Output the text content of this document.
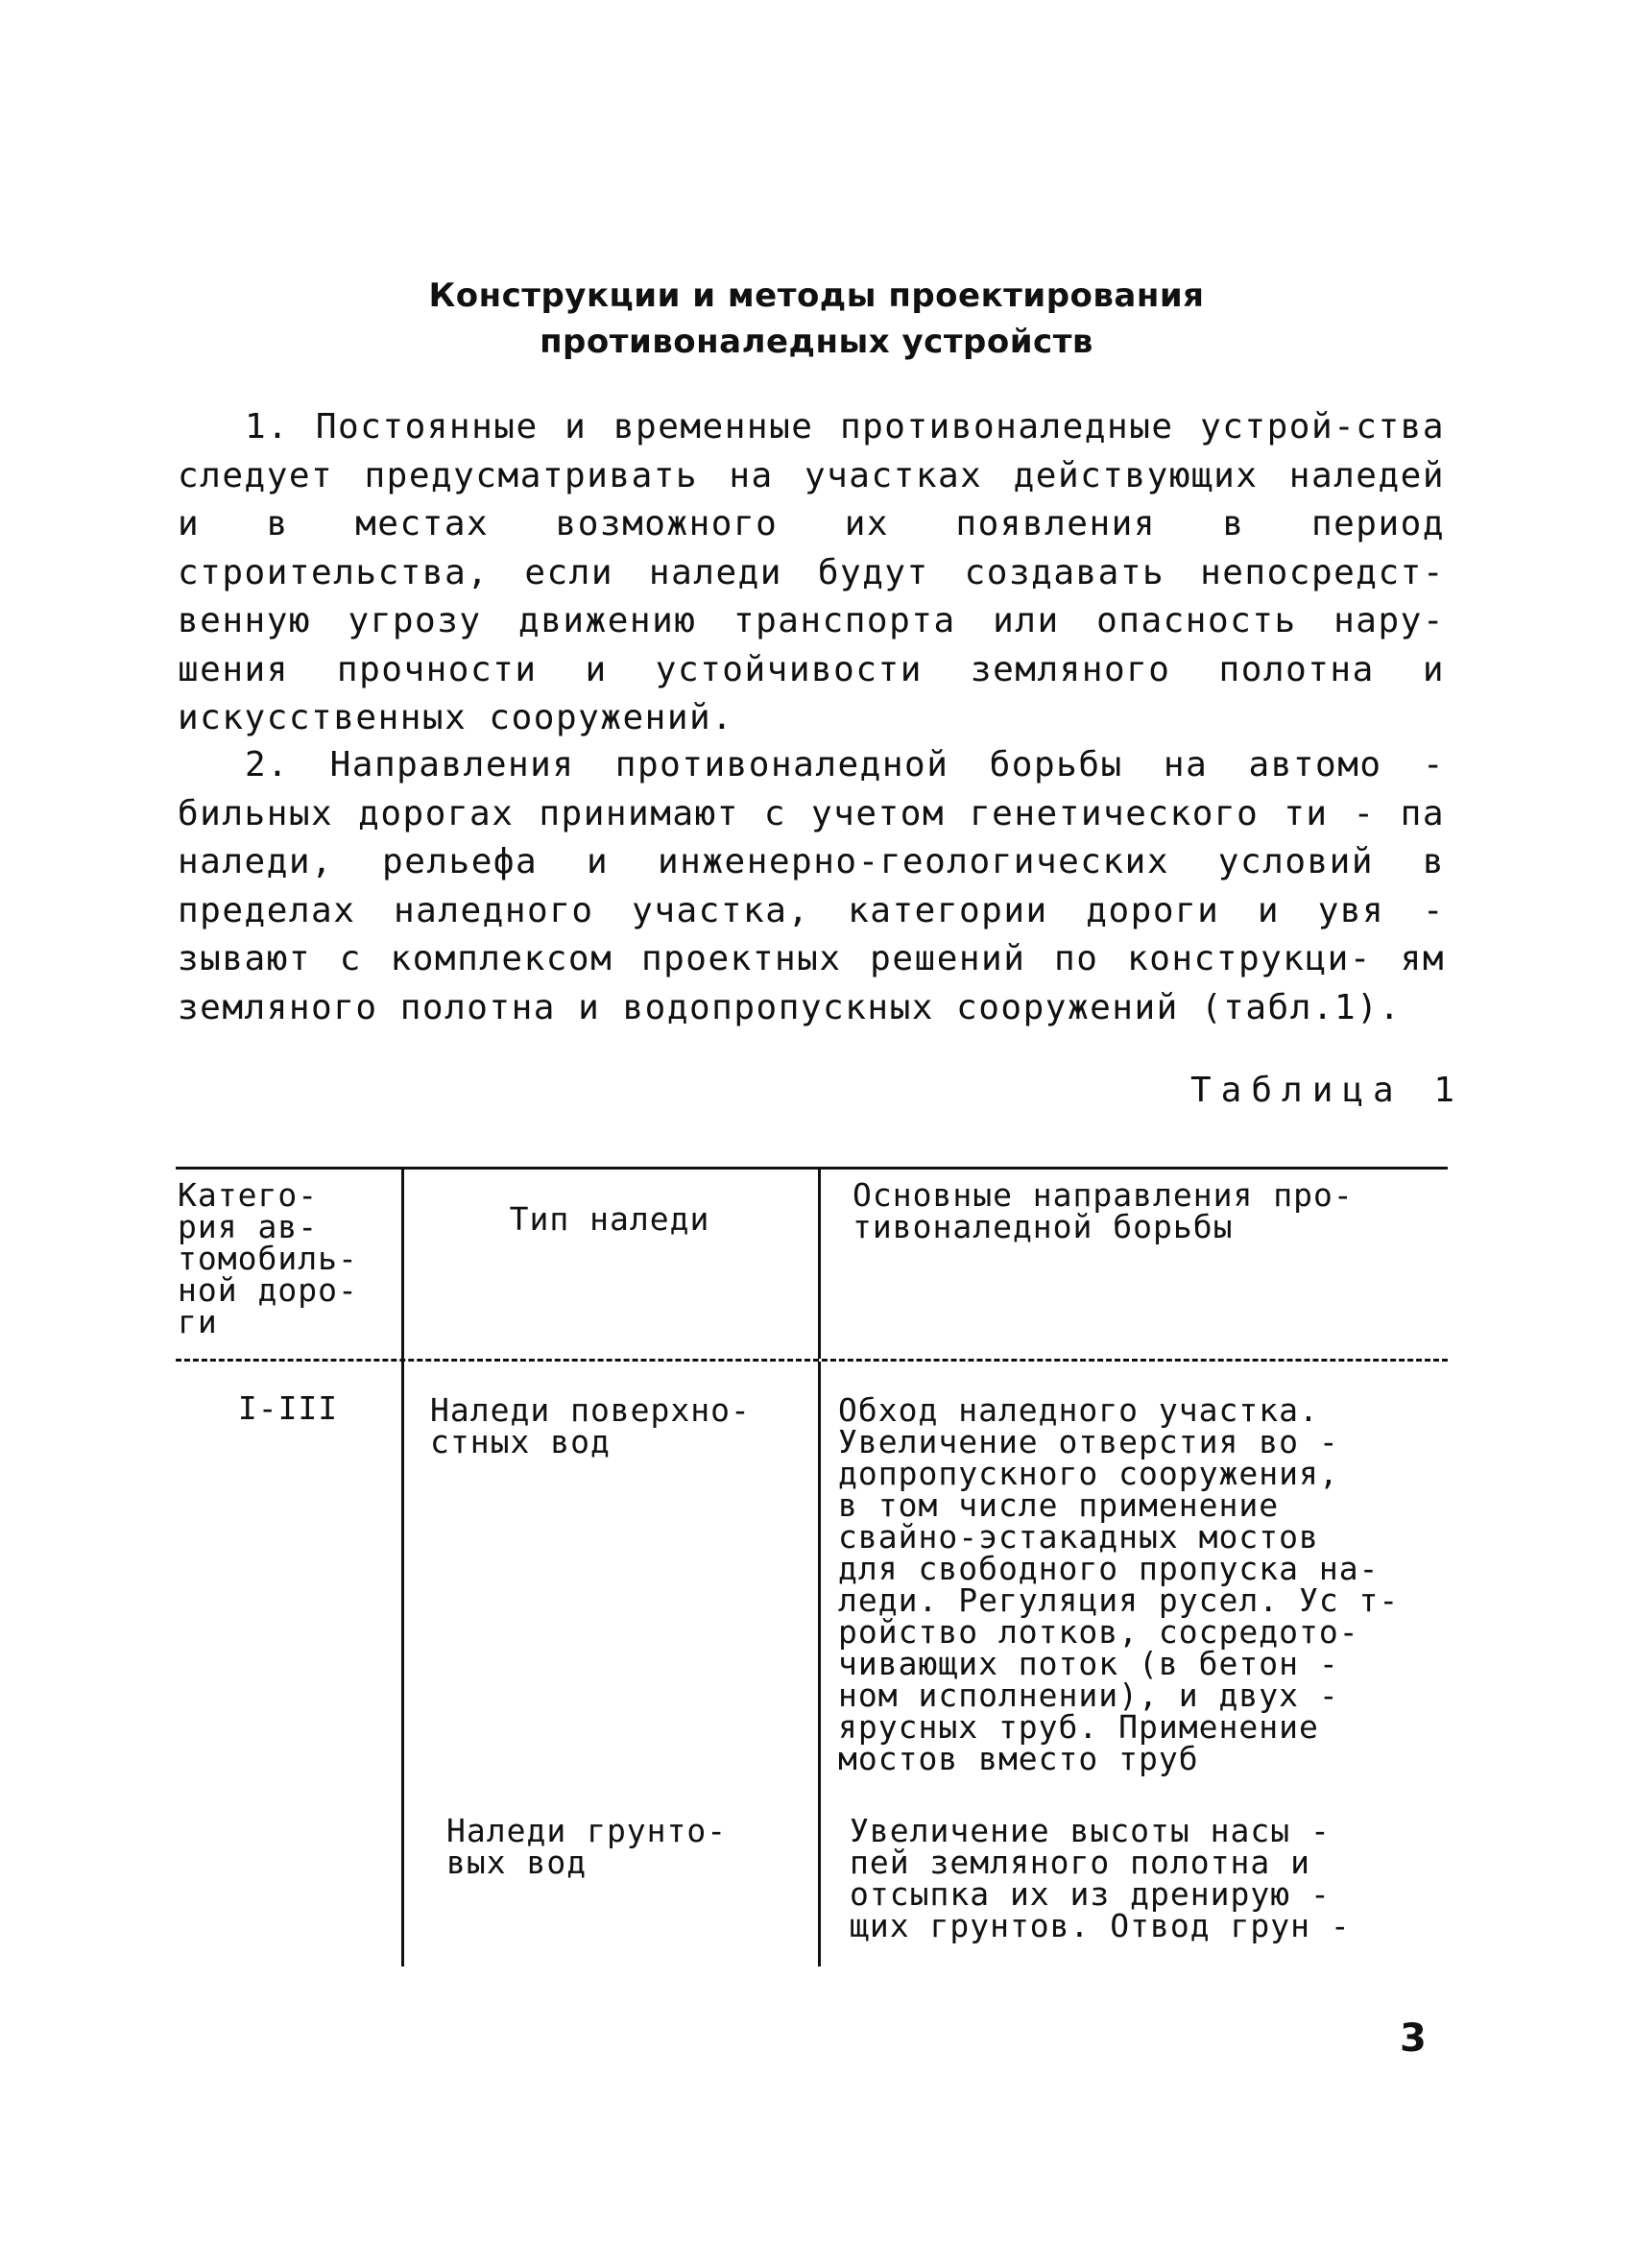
Конструкции и методы проектирования
противоналедных устройств
1. Постоянные и временные противоналедные устрой-ства следует предусматривать на участках действующих наледей и в местах возможного их появления в период строительства, если наледи будут создавать непосредст-венную угрозу движению транспорта или опасность нару-шения прочности и устойчивости земляного полотна и искусственных сооружений.
2. Направления противоналедной борьбы на автомо - бильных дорогах принимают с учетом генетического ти - па наледи, рельефа и инженерно-геологических условий в пределах наледного участка, категории дороги и увя - зывают с комплексом проектных решений по конструкци- ям земляного полотна и водопропускных сооружений (табл.1).
Таблица 1
Катего-
рия ав-
томобиль-
ной доро-
ги
Тип наледи
Основные направления про-
тивоналедной борьбы
I-III	Наледи поверхно-
стных вод
Обход наледного участка.
Увеличение отверстия во -
допропускного сооружения,
в том числе применение
свайно-эстакадных мостов
для свободного пропуска на-
леди. Регуляция русел. Ус т-
ройство лотков, сосредото-
чивающих поток (в бетон -
ном исполнении), и двух -
ярусных труб. Применение
мостов вместо труб
Наледи грунто-
вых вод
Увеличение высоты насы -
пей земляного полотна и
отсыпка их из дренирую -
щих грунтов. Отвод грун -
3
